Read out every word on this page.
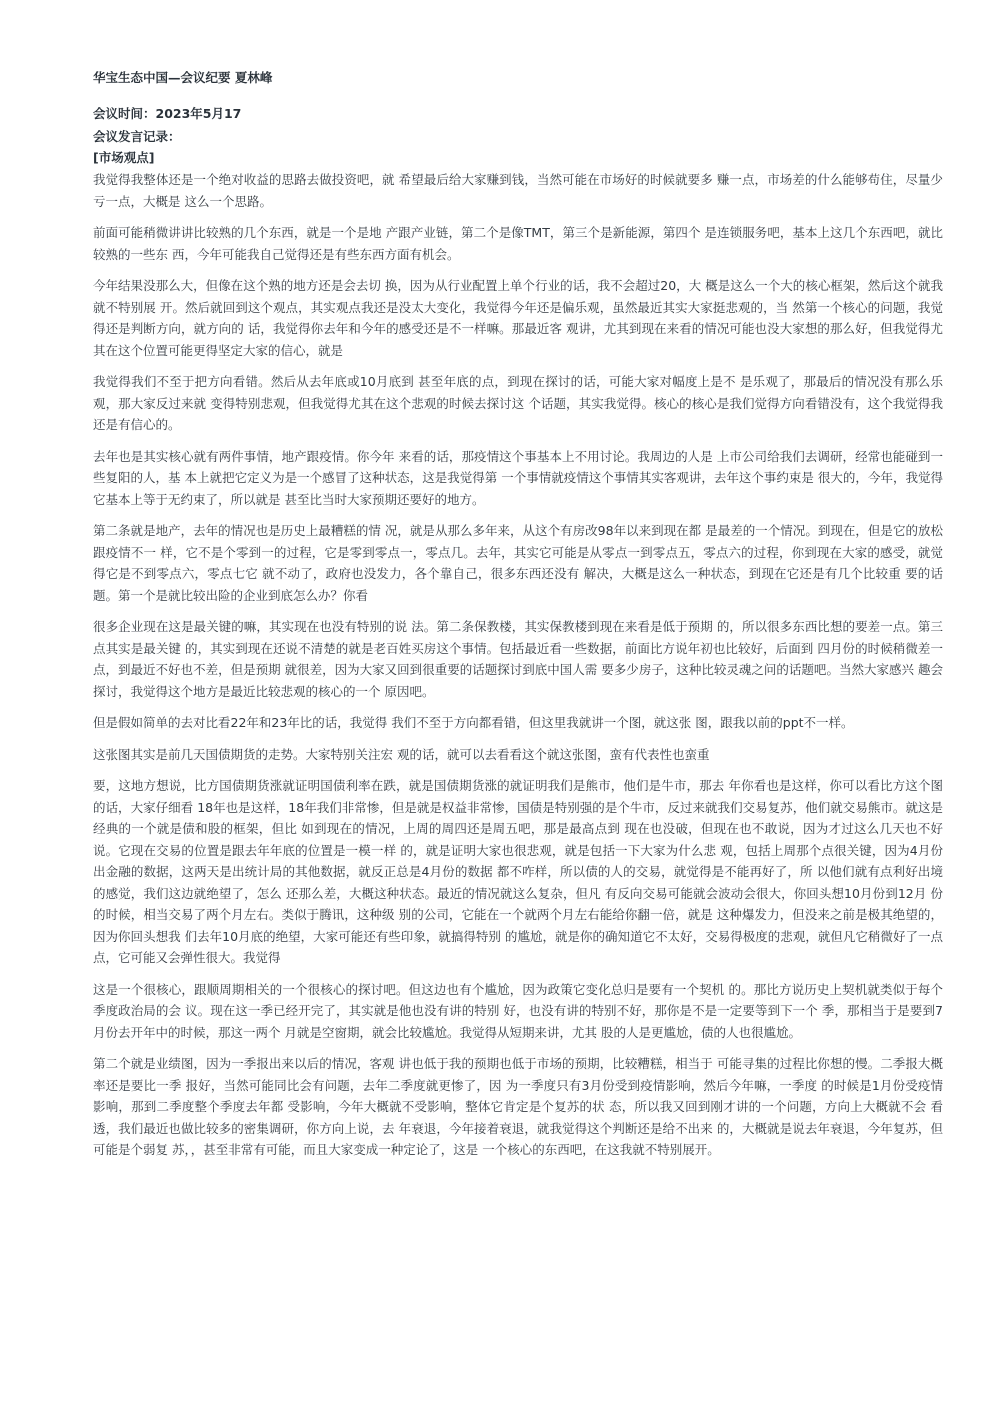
华宝生态中国—会议纪要 夏林峰
会议时间：2023年5月17
会议发言记录：
[市场观点]

我觉得我整体还是一个绝对收益的思路去做投资吧，就 希望最后给大家赚到钱，当然可能在市场好的时候就要多 赚一点，市场差的什么能够苟住，尽量少亏一点，大概是 这么一个思路。

前面可能稍微讲讲比较熟的几个东西，就是一个是地 产跟产业链，第二个是像TMT，第三个是新能源，第四个 是连锁服务吧，基本上这几个东西吧，就比较熟的一些东 西，今年可能我自己觉得还是有些东西方面有机会。

今年结果没那么大，但像在这个熟的地方还是会去切 换，因为从行业配置上单个行业的话，我不会超过20，大 概是这么一个大的核心框架，然后这个就我就不特别展 开。然后就回到这个观点，其实观点我还是没太大变化，我觉得今年还是偏乐观，虽然最近其实大家挺悲观的，当 然第一个核心的问题，我觉得还是判断方向，就方向的 话，我觉得你去年和今年的感受还是不一样嘛。那最近客 观讲，尤其到现在来看的情况可能也没大家想的那么好，但我觉得尤其在这个位置可能更得坚定大家的信心，就是

我觉得我们不至于把方向看错。然后从去年底或10月底到 甚至年底的点，到现在探讨的话，可能大家对幅度上是不 是乐观了，那最后的情况没有那么乐观，那大家反过来就 变得特别悲观，但我觉得尤其在这个悲观的时候去探讨这 个话题，其实我觉得。核心的核心是我们觉得方向看错没有，这个我觉得我还是有信心的。

去年也是其实核心就有两件事情，地产跟疫情。你今年 来看的话，那疫情这个事基本上不用讨论。我周边的人是 上市公司给我们去调研，经常也能碰到一些复阳的人，基 本上就把它定义为是一个感冒了这种状态，这是我觉得第 一个事情就疫情这个事情其实客观讲，去年这个事约束是 很大的，今年，我觉得它基本上等于无约束了，所以就是 甚至比当时大家预期还要好的地方。

第二条就是地产，去年的情况也是历史上最糟糕的情 况，就是从那么多年来，从这个有房改98年以来到现在都 是最差的一个情况。到现在，但是它的放松跟疫情不一 样，它不是个零到一的过程，它是零到零点一，零点几。去年，其实它可能是从零点一到零点五，零点六的过程，你到现在大家的感受，就觉得它是不到零点六，零点七它 就不动了，政府也没发力，各个靠自己，很多东西还没有 解决，大概是这么一种状态，到现在它还是有几个比较重 要的话题。第一个是就比较出险的企业到底怎么办？你看

很多企业现在这是最关键的嘛，其实现在也没有特别的说 法。第二条保教楼，其实保教楼到现在来看是低于预期 的，所以很多东西比想的要差一点。第三点其实是最关键 的，其实到现在还说不清楚的就是老百姓买房这个事情。包括最近看一些数据，前面比方说年初也比较好，后面到 四月份的时候稍微差一点，到最近不好也不差，但是预期 就很差，因为大家又回到很重要的话题探讨到底中国人需 要多少房子，这种比较灵魂之问的话题吧。当然大家感兴 趣会探讨，我觉得这个地方是最近比较悲观的核心的一个 原因吧。

但是假如简单的去对比看22年和23年比的话，我觉得 我们不至于方向都看错，但这里我就讲一个图，就这张 图，跟我以前的ppt不一样。

这张图其实是前几天国债期货的走势。大家特别关注宏 观的话，就可以去看看这个就这张图，蛮有代表性也蛮重

要，这地方想说，比方国债期货涨就证明国债利率在跌，就是国债期货涨的就证明我们是熊市，他们是牛市，那去 年你看也是这样，你可以看比方这个图的话，大家仔细看 18年也是这样，18年我们非常惨，但是就是权益非常惨，国债是特别强的是个牛市，反过来就我们交易复苏，他们就交易熊市。就这是经典的一个就是债和股的框架，但比 如到现在的情况，上周的周四还是周五吧，那是最高点到 现在也没破，但现在也不敢说，因为才过这么几天也不好 说。它现在交易的位置是跟去年年底的位置是一模一样 的，就是证明大家也很悲观，就是包括一下大家为什么悲 观，包括上周那个点很关键，因为4月份出金融的数据，这两天是出统计局的其他数据，就反正总是4月份的数据 都不咋样，所以债的人的交易，就觉得是不能再好了，所 以他们就有点利好出境的感觉，我们这边就绝望了，怎么 还那么差，大概这种状态。最近的情况就这么复杂，但凡 有反向交易可能就会波动会很大，你回头想10月份到12月 份的时候，相当交易了两个月左右。类似于腾讯，这种级 别的公司，它能在一个就两个月左右能给你翻一倍，就是 这种爆发力，但没来之前是极其绝望的，因为你回头想我 们去年10月底的绝望，大家可能还有些印象，就搞得特别 的尴尬，就是你的确知道它不太好，交易得极度的悲观，就但凡它稍微好了一点点，它可能又会弹性很大。我觉得

这是一个很核心，跟顺周期相关的一个很核心的探讨吧。但这边也有个尴尬，因为政策它变化总归是要有一个契机 的。那比方说历史上契机就类似于每个季度政治局的会 议。现在这一季已经开完了，其实就是他也没有讲的特别 好，也没有讲的特别不好，那你是不是一定要等到下一个 季，那相当于是要到7月份去开年中的时候，那这一两个 月就是空窗期，就会比较尴尬。我觉得从短期来讲，尤其 股的人是更尴尬，债的人也很尴尬。

第二个就是业绩图，因为一季报出来以后的情况，客观 讲也低于我的预期也低于市场的预期，比较糟糕，相当于 可能寻集的过程比你想的慢。二季报大概率还是要比一季 报好，当然可能同比会有问题，去年二季度就更惨了，因 为一季度只有3月份受到疫情影响，然后今年嘛，一季度 的时候是1月份受疫情影响，那到二季度整个季度去年都 受影响，今年大概就不受影响，整体它肯定是个复苏的状 态，所以我又回到刚才讲的一个问题，方向上大概就不会 看透，我们最近也做比较多的密集调研，你方向上说，去 年衰退，今年接着衰退，就我觉得这个判断还是给不出来 的，大概就是说去年衰退，今年复苏，但可能是个弱复 苏，，甚至非常有可能，而且大家变成一种定论了，这是 一个核心的东西吧，在这我就不特别展开。
